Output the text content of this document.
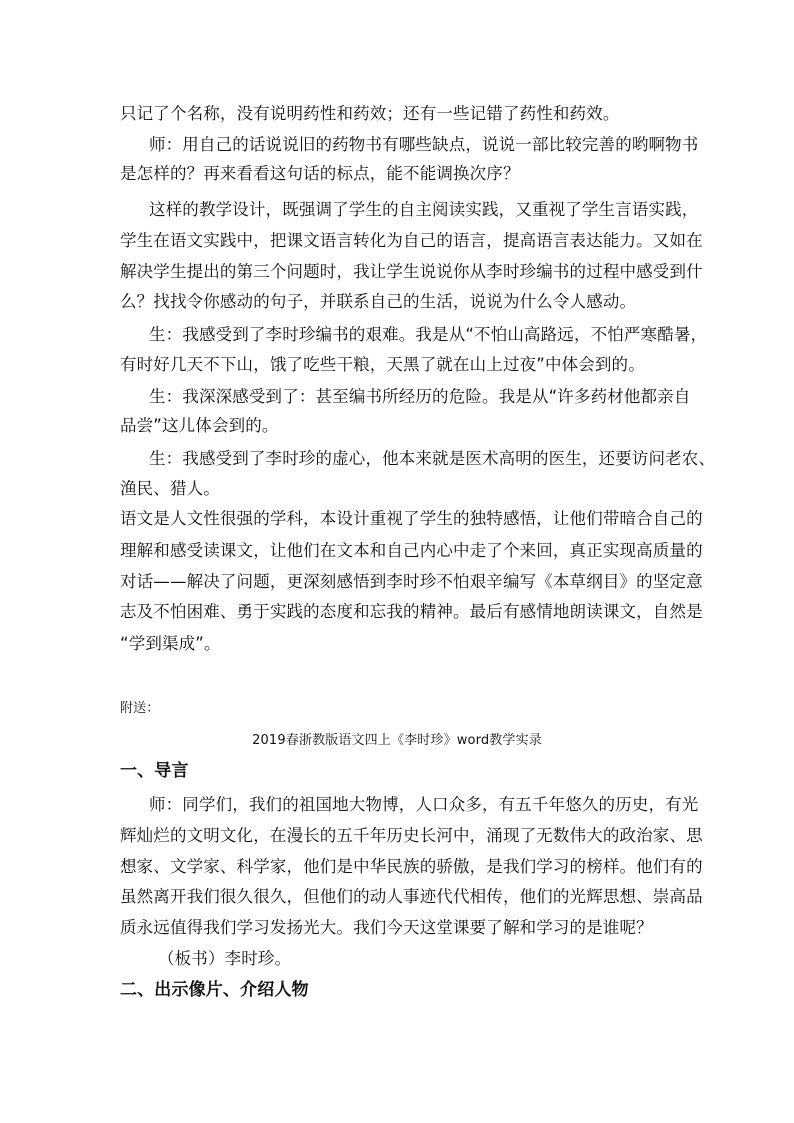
只记了个名称，没有说明药性和药效；还有一些记错了药性和药效。

师：用自己的话说说旧的药物书有哪些缺点，说说一部比较完善的哟啊物书

是怎样的？再来看看这句话的标点，能不能调换次序？

这样的教学设计，既强调了学生的自主阅读实践，又重视了学生言语实践，

学生在语文实践中，把课文语言转化为自己的语言，提高语言表达能力。又如在

解决学生提出的第三个问题时，我让学生说说你从李时珍编书的过程中感受到什

么？找找令你感动的句子，并联系自己的生活，说说为什么令人感动。

生：我感受到了李时珍编书的艰难。我是从“不怕山高路远，不怕严寒酷暑，

有时好几天不下山，饿了吃些干粮，天黑了就在山上过夜”中体会到的。

生：我深深感受到了：甚至编书所经历的危险。我是从“许多药材他都亲自

品尝”这儿体会到的。

生：我感受到了李时珍的虚心，他本来就是医术高明的医生，还要访问老农、

渔民、猎人。

语文是人文性很强的学科，本设计重视了学生的独特感悟，让他们带暗合自己的

理解和感受读课文，让他们在文本和自己内心中走了个来回，真正实现高质量的

对话——解决了问题，更深刻感悟到李时珍不怕艰辛编写《本草纲目》的坚定意

志及不怕困难、勇于实践的态度和忘我的精神。最后有感情地朗读课文，自然是

“学到渠成”。

附送：

2019春浙教版语文四上《李时珍》word教学实录

一、导言

师：同学们，我们的祖国地大物博，人口众多，有五千年悠久的历史，有光

辉灿烂的文明文化，在漫长的五千年历史长河中，涌现了无数伟大的政治家、思

想家、文学家、科学家，他们是中华民族的骄傲，是我们学习的榜样。他们有的

虽然离开我们很久很久，但他们的动人事迹代代相传，他们的光辉思想、崇高品

质永远值得我们学习发扬光大。我们今天这堂课要了解和学习的是谁呢？

（板书）李时珍。

二、出示像片、介绍人物
